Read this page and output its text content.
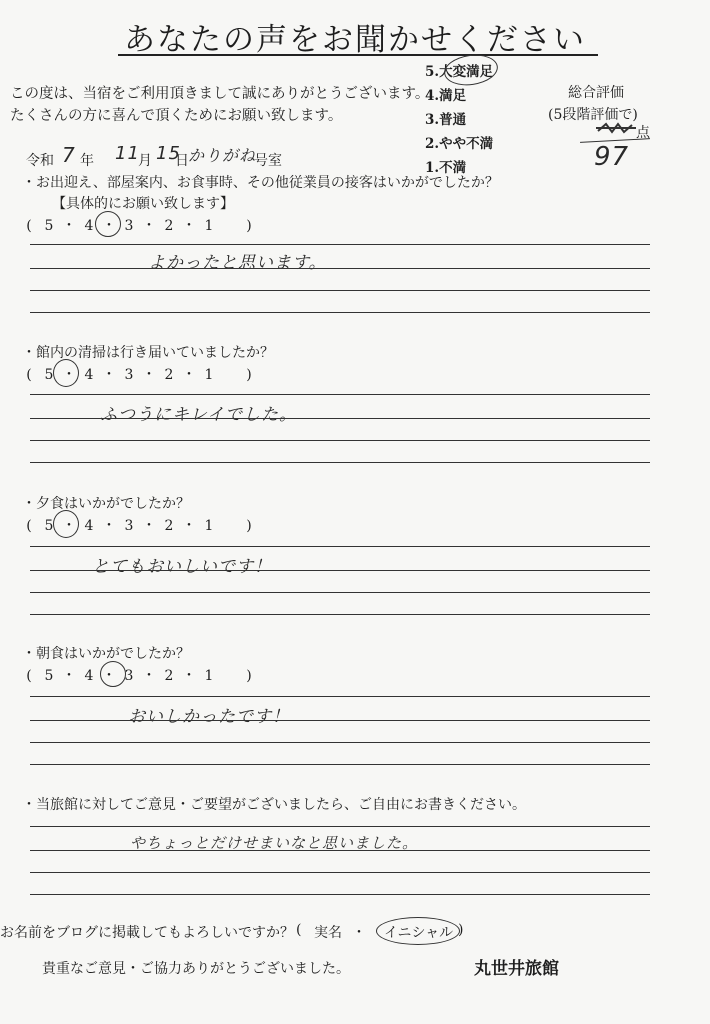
あなたの声をお聞かせください
この度は、当宿をご利用頂きまして誠にありがとうございます。
たくさんの方に喜んで頂くためにお願い致します。
5.大変満足
4.満足
3.普通
2.やや不満
1.不満
総合評価
(5段階評価で)
点
97
令和 7 年 11
月 15
日 かりがね
号室
・お出迎え、部屋案内、お食事時、その他従業員の接客はいかがでしたか？
【具体的にお願い致します】
( 5 ・ 4 ・ 3 ・ 2 ・ 1 )
よかったと思います。
・館内の清掃は行き届いていましたか？
( 5 ・ 4 ・ 3 ・ 2 ・ 1 )
ふつうにキレイでした。
・夕食はいかがでしたか？
( 5 ・ 4 ・ 3 ・ 2 ・ 1 )
とてもおいしいです！
・朝食はいかがでしたか？
( 5 ・ 4 ・ 3 ・ 2 ・ 1 )
おいしかったです！
・当旅館に対してご意見・ご要望がございましたら、ご自由にお書きください。
やちょっとだけせまいなと思いました。
お名前をブログに掲載してもよろしいですか？ ( 実名 ・ イニシャル )
貴重なご意見・ご協力ありがとうございました。	丸世井旅館
